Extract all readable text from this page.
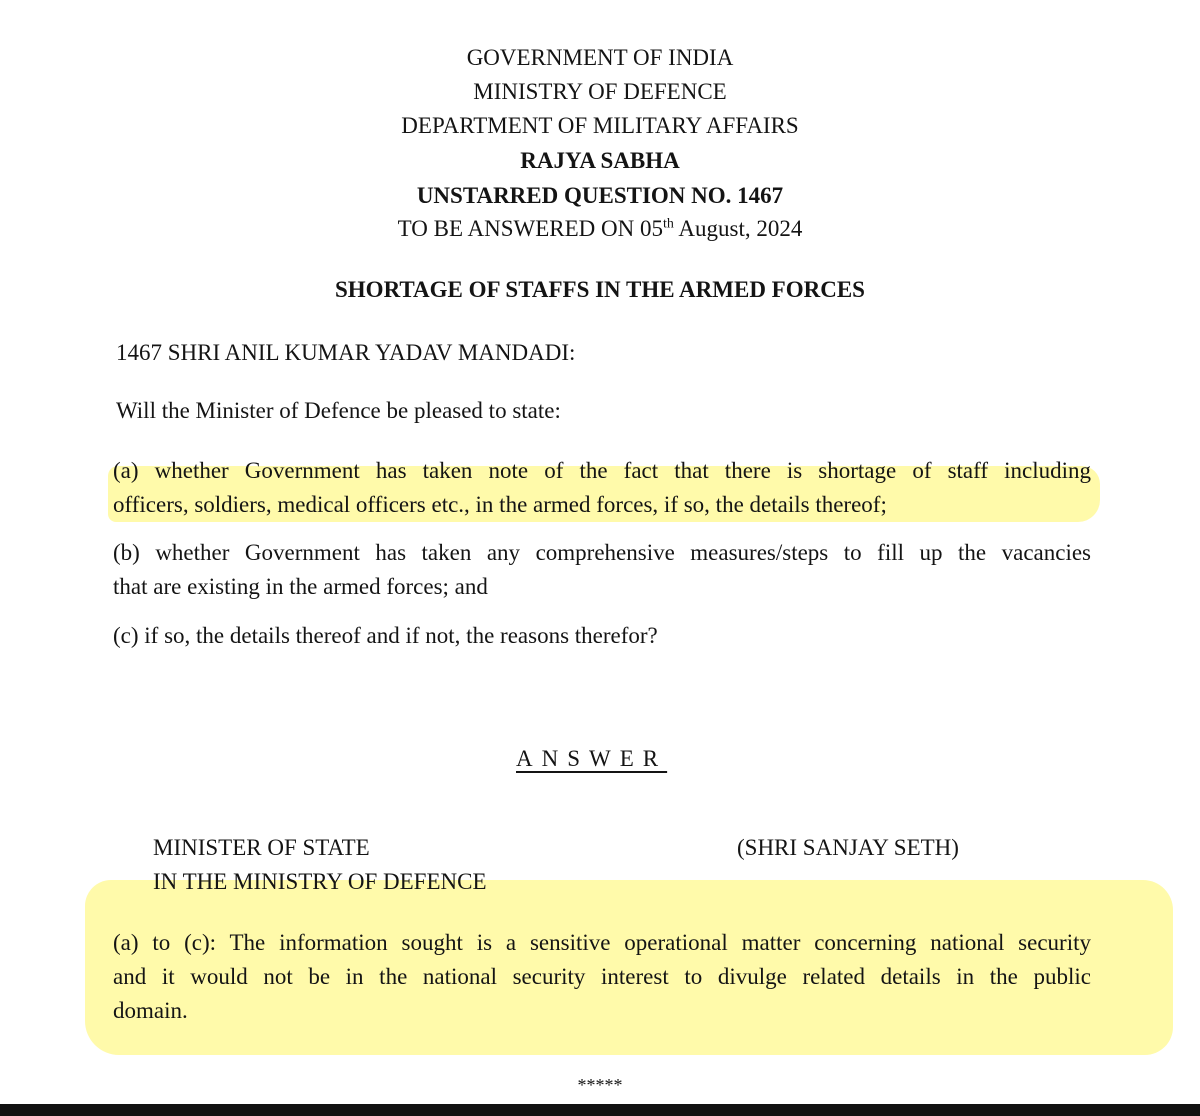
GOVERNMENT OF INDIA
MINISTRY OF DEFENCE
DEPARTMENT OF MILITARY AFFAIRS
RAJYA SABHA
UNSTARRED QUESTION NO. 1467
TO BE ANSWERED ON 05th August, 2024
SHORTAGE OF STAFFS IN THE ARMED FORCES
1467 SHRI ANIL KUMAR YADAV MANDADI:
Will the Minister of Defence be pleased to state:
(a) whether Government has taken note of the fact that there is shortage of staff including
officers, soldiers, medical officers etc., in the armed forces, if so, the details thereof;
(b) whether Government has taken any comprehensive measures/steps to fill up the vacancies
that are existing in the armed forces; and
(c) if so, the details thereof and if not, the reasons therefor?
ANSWER
MINISTER OF STATE
IN THE MINISTRY OF DEFENCE
(SHRI SANJAY SETH)
(a) to (c): The information sought is a sensitive operational matter concerning national security
and it would not be in the national security interest to divulge related details in the public
domain.
*****
